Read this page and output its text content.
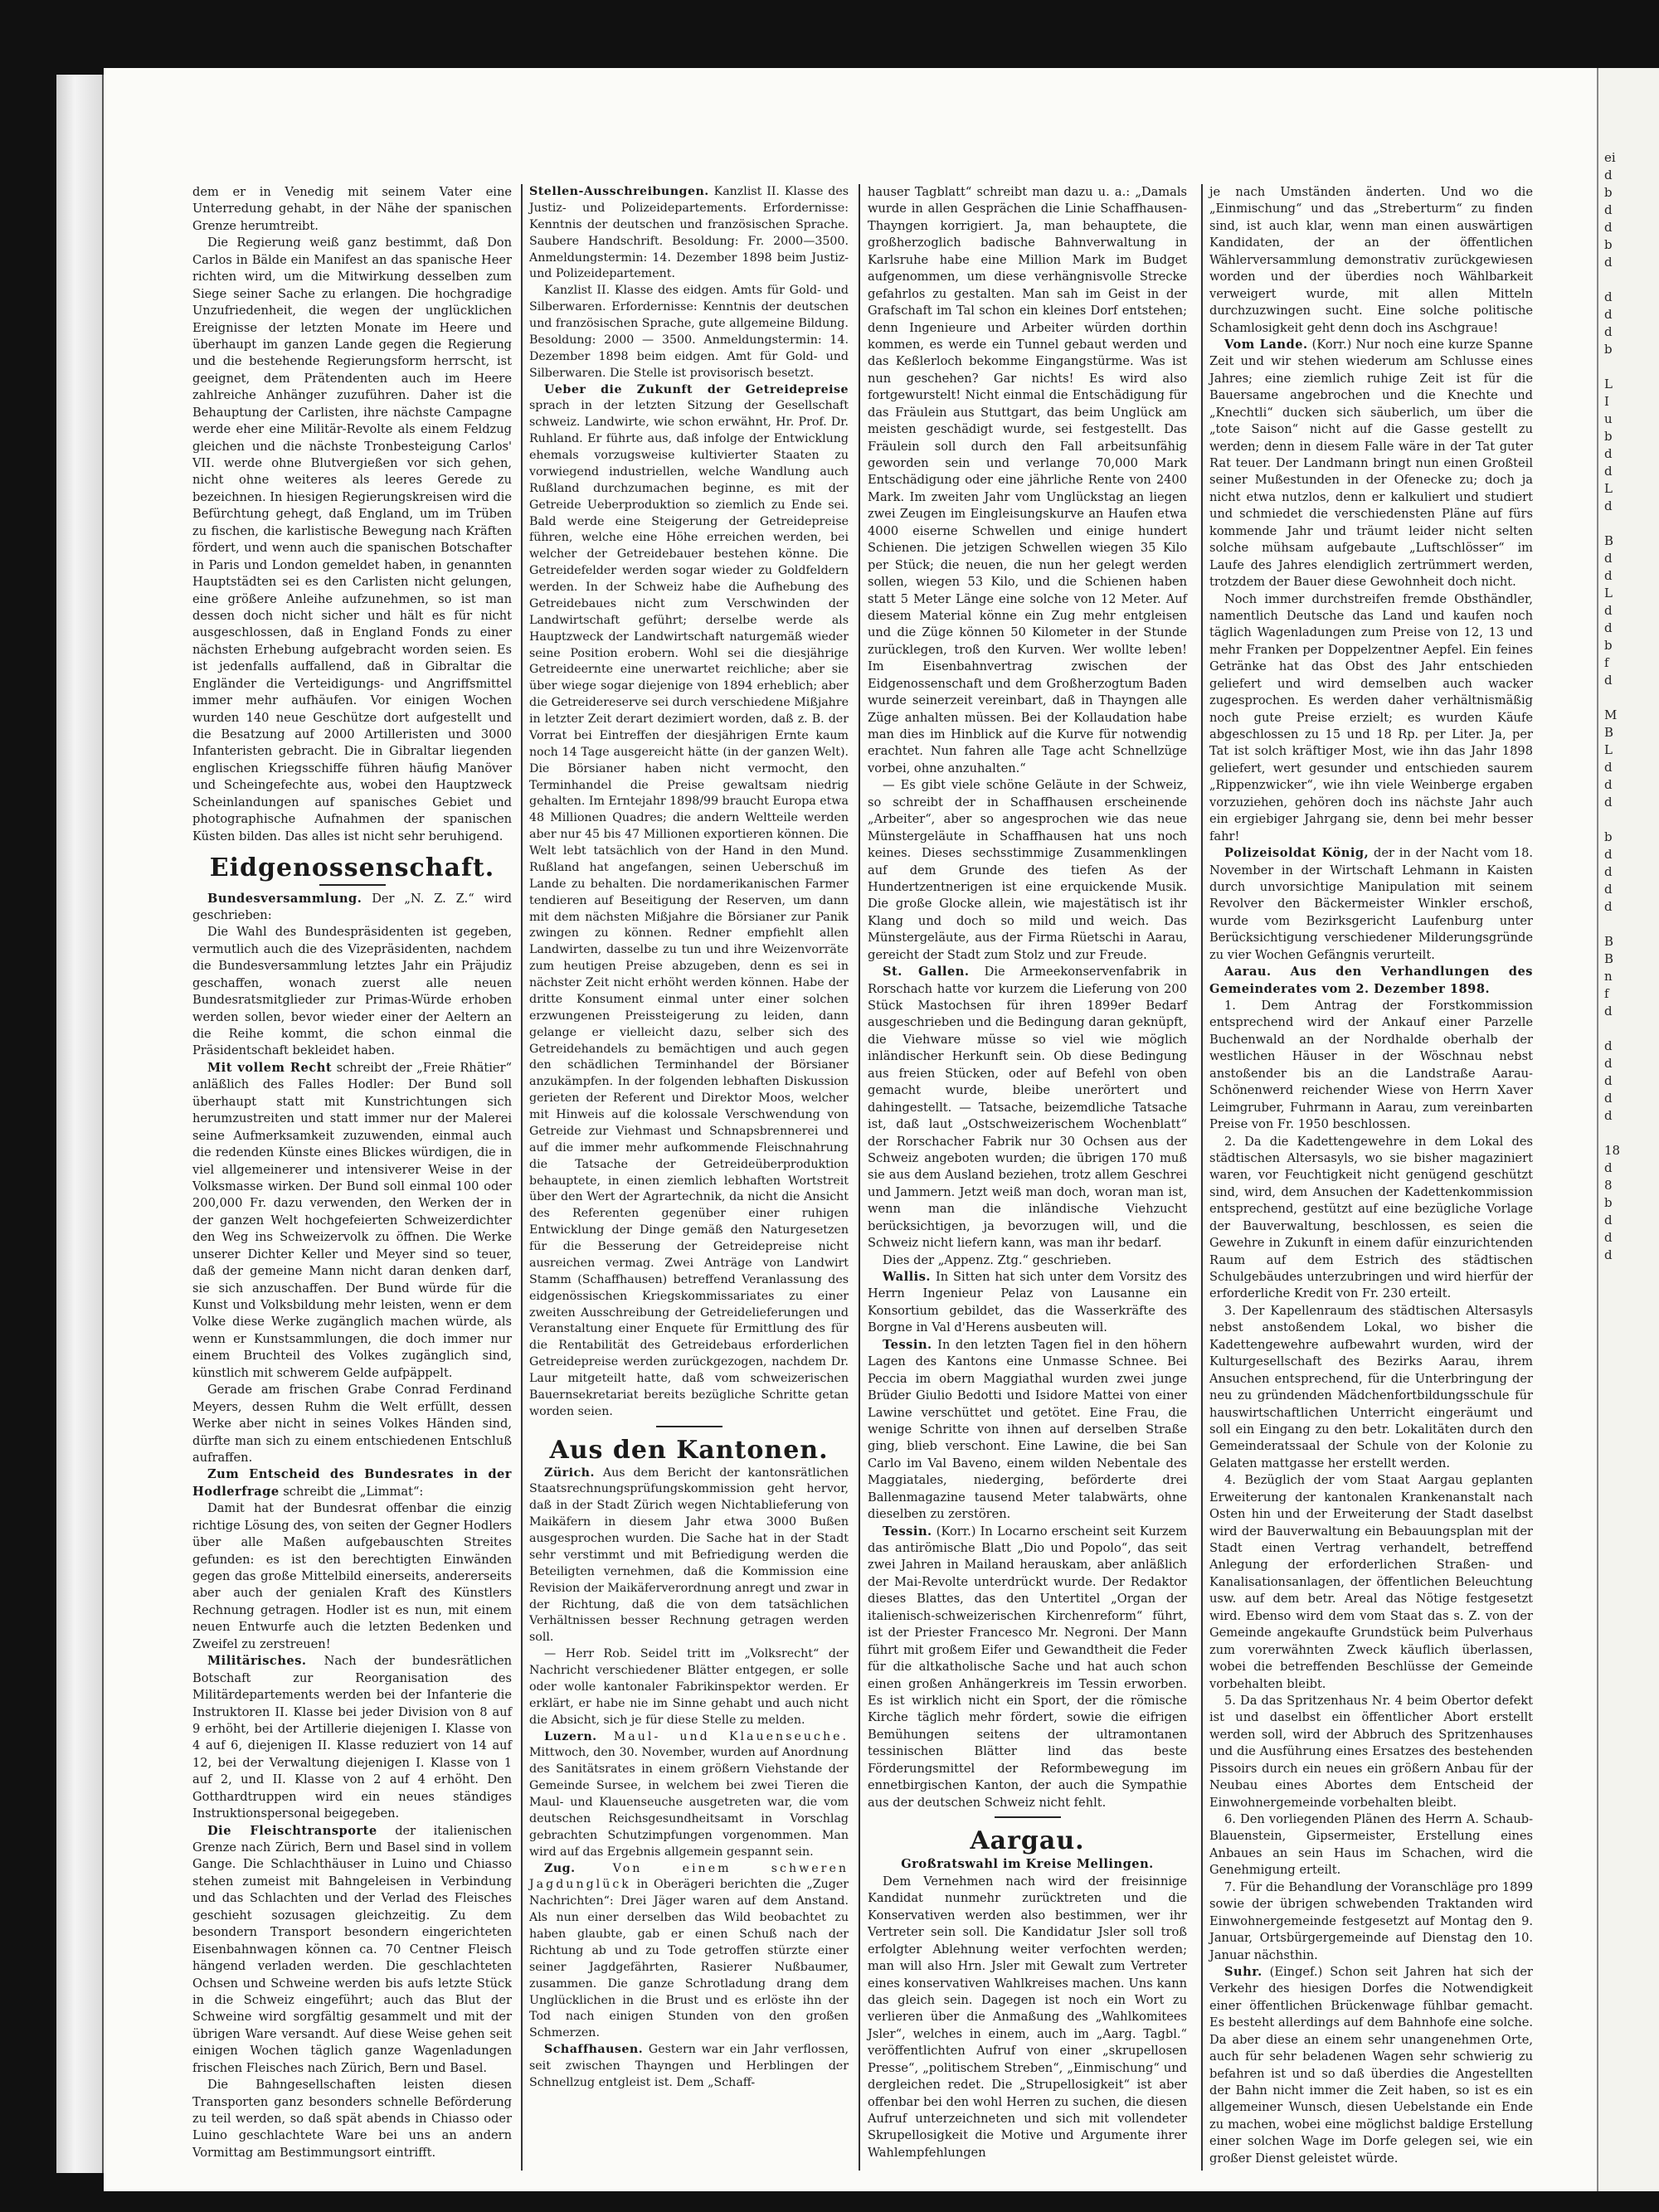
ei
d
b
d
d
b
d

d
d
d
b

L
I
u
b
d
d
L
d

B
d
d
L
d
d
b
f
d

M
B
L
d
d
d

b
d
d
d
d

B
B
n
f
d

d
d
d
d
d

18
d
8
b
d
d
d

dem er in Venedig mit seinem Vater eine Unterredung gehabt, in der Nähe der spanischen Grenze herumtreibt.

Die Regierung weiß ganz bestimmt, daß Don Carlos in Bälde ein Manifest an das spanische Heer richten wird, um die Mitwirkung desselben zum Siege seiner Sache zu erlangen. Die hochgradige Unzufriedenheit, die wegen der unglücklichen Ereignisse der letzten Monate im Heere und überhaupt im ganzen Lande gegen die Regierung und die bestehende Regierungsform herrscht, ist geeignet, dem Prätendenten auch im Heere zahlreiche Anhänger zuzuführen. Daher ist die Behauptung der Carlisten, ihre nächste Campagne werde eher eine Militär-Revolte als einem Feldzug gleichen und die nächste Tronbesteigung Carlos' VII. werde ohne Blutvergießen vor sich gehen, nicht ohne weiteres als leeres Gerede zu bezeichnen. In hiesigen Regierungskreisen wird die Befürchtung gehegt, daß England, um im Trüben zu fischen, die karlistische Bewegung nach Kräften fördert, und wenn auch die spanischen Botschafter in Paris und London gemeldet haben, in genannten Hauptstädten sei es den Carlisten nicht gelungen, eine größere Anleihe aufzunehmen, so ist man dessen doch nicht sicher und hält es für nicht ausgeschlossen, daß in England Fonds zu einer nächsten Erhebung aufgebracht worden seien. Es ist jedenfalls auffallend, daß in Gibraltar die Engländer die Verteidigungs- und Angriffsmittel immer mehr aufhäufen. Vor einigen Wochen wurden 140 neue Geschütze dort aufgestellt und die Besatzung auf 2000 Artilleristen und 3000 Infanteristen gebracht. Die in Gibraltar liegenden englischen Kriegsschiffe führen häufig Manöver und Scheingefechte aus, wobei den Hauptzweck Scheinlandungen auf spanisches Gebiet und photographische Aufnahmen der spanischen Küsten bilden. Das alles ist nicht sehr beruhigend.

Eidgenossenschaft.

Bundesversammlung. Der „N. Z. Z.“ wird geschrieben:

Die Wahl des Bundespräsidenten ist gegeben, vermutlich auch die des Vizepräsidenten, nachdem die Bundesversammlung letztes Jahr ein Präjudiz geschaffen, wonach zuerst alle neuen Bundesratsmitglieder zur Primas-Würde erhoben werden sollen, bevor wieder einer der Aeltern an die Reihe kommt, die schon einmal die Präsidentschaft bekleidet haben.

Mit vollem Recht schreibt der „Freie Rhätier“ anläßlich des Falles Hodler: Der Bund soll überhaupt statt mit Kunstrichtungen sich herumzustreiten und statt immer nur der Malerei seine Aufmerksamkeit zuzuwenden, einmal auch die redenden Künste eines Blickes würdigen, die in viel allgemeinerer und intensiverer Weise in der Volksmasse wirken. Der Bund soll einmal 100 oder 200,000 Fr. dazu verwenden, den Werken der in der ganzen Welt hochgefeierten Schweizerdichter den Weg ins Schweizervolk zu öffnen. Die Werke unserer Dichter Keller und Meyer sind so teuer, daß der gemeine Mann nicht daran denken darf, sie sich anzuschaffen. Der Bund würde für die Kunst und Volksbildung mehr leisten, wenn er dem Volke diese Werke zugänglich machen würde, als wenn er Kunstsammlungen, die doch immer nur einem Bruchteil des Volkes zugänglich sind, künstlich mit schwerem Gelde aufpäppelt.

Gerade am frischen Grabe Conrad Ferdinand Meyers, dessen Ruhm die Welt erfüllt, dessen Werke aber nicht in seines Volkes Händen sind, dürfte man sich zu einem entschiedenen Entschluß aufraffen.

Zum Entscheid des Bundesrates in der Hodlerfrage schreibt die „Limmat“:

Damit hat der Bundesrat offenbar die einzig richtige Lösung des, von seiten der Gegner Hodlers über alle Maßen aufgebauschten Streites gefunden: es ist den berechtigten Einwänden gegen das große Mittelbild einerseits, andererseits aber auch der genialen Kraft des Künstlers Rechnung getragen. Hodler ist es nun, mit einem neuen Entwurfe auch die letzten Bedenken und Zweifel zu zerstreuen!

Militärisches. Nach der bundesrätlichen Botschaft zur Reorganisation des Militärdepartements werden bei der Infanterie die Instruktoren II. Klasse bei jeder Division von 8 auf 9 erhöht, bei der Artillerie diejenigen I. Klasse von 4 auf 6, diejenigen II. Klasse reduziert von 14 auf 12, bei der Verwaltung diejenigen I. Klasse von 1 auf 2, und II. Klasse von 2 auf 4 erhöht. Den Gotthardtruppen wird ein neues ständiges Instruktionspersonal beigegeben.

Die Fleischtransporte der italienischen Grenze nach Zürich, Bern und Basel sind in vollem Gange. Die Schlachthäuser in Luino und Chiasso stehen zumeist mit Bahngeleisen in Verbindung und das Schlachten und der Verlad des Fleisches geschieht sozusagen gleichzeitig. Zu dem besondern Transport besondern eingerichteten Eisenbahnwagen können ca. 70 Centner Fleisch hängend verladen werden. Die geschlachteten Ochsen und Schweine werden bis aufs letzte Stück in die Schweiz eingeführt; auch das Blut der Schweine wird sorgfältig gesammelt und mit der übrigen Ware versandt. Auf diese Weise gehen seit einigen Wochen täglich ganze Wagenladungen frischen Fleisches nach Zürich, Bern und Basel.

Die Bahngesellschaften leisten diesen Transporten ganz besonders schnelle Beförderung zu teil werden, so daß spät abends in Chiasso oder Luino geschlachtete Ware bei uns an andern Vormittag am Bestimmungsort eintrifft.

Stellen-Ausschreibungen. Kanzlist II. Klasse des Justiz- und Polizeidepartements. Erfordernisse: Kenntnis der deutschen und französischen Sprache. Saubere Handschrift. Besoldung: Fr. 2000—3500. Anmeldungstermin: 14. Dezember 1898 beim Justiz- und Polizeidepartement.

Kanzlist II. Klasse des eidgen. Amts für Gold- und Silberwaren. Erfordernisse: Kenntnis der deutschen und französischen Sprache, gute allgemeine Bildung. Besoldung: 2000 — 3500. Anmeldungstermin: 14. Dezember 1898 beim eidgen. Amt für Gold- und Silberwaren. Die Stelle ist provisorisch besetzt.

Ueber die Zukunft der Getreidepreise sprach in der letzten Sitzung der Gesellschaft schweiz. Landwirte, wie schon erwähnt, Hr. Prof. Dr. Ruhland. Er führte aus, daß infolge der Entwicklung ehemals vorzugsweise kultivierter Staaten zu vorwiegend industriellen, welche Wandlung auch Rußland durchzumachen beginne, es mit der Getreide Ueberproduktion so ziemlich zu Ende sei. Bald werde eine Steigerung der Getreidepreise führen, welche eine Höhe erreichen werden, bei welcher der Getreidebauer bestehen könne. Die Getreidefelder werden sogar wieder zu Goldfeldern werden. In der Schweiz habe die Aufhebung des Getreidebaues nicht zum Verschwinden der Landwirtschaft geführt; derselbe werde als Hauptzweck der Landwirtschaft naturgemäß wieder seine Position erobern. Wohl sei die diesjährige Getreideernte eine unerwartet reichliche; aber sie über wiege sogar diejenige von 1894 erheblich; aber die Getreidereserve sei durch verschiedene Mißjahre in letzter Zeit derart dezimiert worden, daß z. B. der Vorrat bei Eintreffen der diesjährigen Ernte kaum noch 14 Tage ausgereicht hätte (in der ganzen Welt). Die Börsianer haben nicht vermocht, den Terminhandel die Preise gewaltsam niedrig gehalten. Im Erntejahr 1898/99 braucht Europa etwa 48 Millionen Quadres; die andern Weltteile werden aber nur 45 bis 47 Millionen exportieren können. Die Welt lebt tatsächlich von der Hand in den Mund. Rußland hat angefangen, seinen Ueberschuß im Lande zu behalten. Die nordamerikanischen Farmer tendieren auf Beseitigung der Reserven, um dann mit dem nächsten Mißjahre die Börsianer zur Panik zwingen zu können. Redner empfiehlt allen Landwirten, dasselbe zu tun und ihre Weizenvorräte zum heutigen Preise abzugeben, denn es sei in nächster Zeit nicht erhöht werden können. Habe der dritte Konsument einmal unter einer solchen erzwungenen Preissteigerung zu leiden, dann gelange er vielleicht dazu, selber sich des Getreidehandels zu bemächtigen und auch gegen den schädlichen Terminhandel der Börsianer anzukämpfen. In der folgenden lebhaften Diskussion gerieten der Referent und Direktor Moos, welcher mit Hinweis auf die kolossale Verschwendung von Getreide zur Viehmast und Schnapsbrennerei und auf die immer mehr aufkommende Fleischnahrung die Tatsache der Getreideüberproduktion behauptete, in einen ziemlich lebhaften Wortstreit über den Wert der Agrartechnik, da nicht die Ansicht des Referenten gegenüber einer ruhigen Entwicklung der Dinge gemäß den Naturgesetzen für die Besserung der Getreidepreise nicht ausreichen vermag. Zwei Anträge von Landwirt Stamm (Schaffhausen) betreffend Veranlassung des eidgenössischen Kriegskommissariates zu einer zweiten Ausschreibung der Getreidelieferungen und Veranstaltung einer Enquete für Ermittlung des für die Rentabilität des Getreidebaus erforderlichen Getreidepreise werden zurückgezogen, nachdem Dr. Laur mitgeteilt hatte, daß vom schweizerischen Bauernsekretariat bereits bezügliche Schritte getan worden seien.

Aus den Kantonen.

Zürich. Aus dem Bericht der kantonsrätlichen Staatsrechnungsprüfungskommission geht hervor, daß in der Stadt Zürich wegen Nichtablieferung von Maikäfern in diesem Jahr etwa 3000 Bußen ausgesprochen wurden. Die Sache hat in der Stadt sehr verstimmt und mit Befriedigung werden die Beteiligten vernehmen, daß die Kommission eine Revision der Maikäferverordnung anregt und zwar in der Richtung, daß die von dem tatsächlichen Verhältnissen besser Rechnung getragen werden soll.

— Herr Rob. Seidel tritt im „Volksrecht“ der Nachricht verschiedener Blätter entgegen, er solle oder wolle kantonaler Fabrikinspektor werden. Er erklärt, er habe nie im Sinne gehabt und auch nicht die Absicht, sich je für diese Stelle zu melden.

Luzern. Maul- und Klauenseuche. Mittwoch, den 30. November, wurden auf Anordnung des Sanitätsrates in einem größern Viehstande der Gemeinde Sursee, in welchem bei zwei Tieren die Maul- und Klauenseuche ausgetreten war, die vom deutschen Reichsgesundheitsamt in Vorschlag gebrachten Schutzimpfungen vorgenommen. Man wird auf das Ergebnis allgemein gespannt sein.

Zug.	Von einem schweren Jagdunglück in Oberägeri berichten die „Zuger Nachrichten“: Drei Jäger waren auf dem Anstand. Als nun einer derselben das Wild beobachtet zu haben glaubte, gab er einen Schuß nach der Richtung ab und zu Tode getroffen stürzte einer seiner Jagdgefährten, Rasierer Nußbaumer, zusammen. Die ganze Schrotladung drang dem Unglücklichen in die Brust und es erlöste ihn der Tod nach einigen Stunden von den großen Schmerzen.

Schaffhausen. Gestern war ein Jahr verflossen, seit zwischen Thayngen und Herblingen der Schnellzug entgleist ist. Dem „Schaff-

hauser Tagblatt“ schreibt man dazu u. a.: „Damals wurde in allen Gesprächen die Linie Schaffhausen-Thayngen korrigiert. Ja, man behauptete, die großherzoglich badische Bahnverwaltung in Karlsruhe habe eine Million Mark im Budget aufgenommen, um diese verhängnisvolle Strecke gefahrlos zu gestalten. Man sah im Geist in der Grafschaft im Tal schon ein kleines Dorf entstehen; denn Ingenieure und Arbeiter würden dorthin kommen, es werde ein Tunnel gebaut werden und das Keßlerloch bekomme Eingangstürme. Was ist nun geschehen? Gar nichts! Es wird also fortgewurstelt! Nicht einmal die Entschädigung für das Fräulein aus Stuttgart, das beim Unglück am meisten geschädigt wurde, sei festgestellt. Das Fräulein soll durch den Fall arbeitsunfähig geworden sein und verlange 70,000 Mark Entschädigung oder eine jährliche Rente von 2400 Mark. Im zweiten Jahr vom Unglückstag an liegen zwei Zeugen im Eingleisungskurve an Haufen etwa 4000 eiserne Schwellen und einige hundert Schienen. Die jetzigen Schwellen wiegen 35 Kilo per Stück; die neuen, die nun her gelegt werden sollen, wiegen 53 Kilo, und die Schienen haben statt 5 Meter Länge eine solche von 12 Meter. Auf diesem Material könne ein Zug mehr entgleisen und die Züge können 50 Kilometer in der Stunde zurücklegen, troß den Kurven. Wer wollte leben! Im Eisenbahnvertrag zwischen der Eidgenossenschaft und dem Großherzogtum Baden wurde seinerzeit vereinbart, daß in Thayngen alle Züge anhalten müssen. Bei der Kollaudation habe man dies im Hinblick auf die Kurve für notwendig erachtet. Nun fahren alle Tage acht Schnellzüge vorbei, ohne anzuhalten.“

— Es gibt viele schöne Geläute in der Schweiz, so schreibt der in Schaffhausen erscheinende „Arbeiter“, aber so angesprochen wie das neue Münstergeläute in Schaffhausen hat uns noch keines. Dieses sechsstimmige Zusammenklingen auf dem Grunde des tiefen As der Hundertzentnerigen ist eine erquickende Musik. Die große Glocke allein, wie majestätisch ist ihr Klang und doch so mild und weich. Das Münstergeläute, aus der Firma Rüetschi in Aarau, gereicht der Stadt zum Stolz und zur Freude.

St. Gallen. Die Armeekonservenfabrik in Rorschach hatte vor kurzem die Lieferung von 200 Stück Mastochsen für ihren 1899er Bedarf ausgeschrieben und die Bedingung daran geknüpft, die Viehware müsse so viel wie möglich inländischer Herkunft sein. Ob diese Bedingung aus freien Stücken, oder auf Befehl von oben gemacht wurde, bleibe unerörtert und dahingestellt. — Tatsache, beizemdliche Tatsache ist, daß laut „Ostschweizerischem Wochenblatt“ der Rorschacher Fabrik nur 30 Ochsen aus der Schweiz angeboten wurden; die übrigen 170 muß sie aus dem Ausland beziehen, trotz allem Geschrei und Jammern. Jetzt weiß man doch, woran man ist, wenn man die inländische Viehzucht berücksichtigen, ja bevorzugen will, und die Schweiz nicht liefern kann, was man ihr bedarf.

Dies der „Appenz. Ztg.“ geschrieben.

Wallis. In Sitten hat sich unter dem Vorsitz des Herrn Ingenieur Pelaz von Lausanne ein Konsortium gebildet, das die Wasserkräfte des Borgne in Val d'Herens ausbeuten will.

Tessin. In den letzten Tagen fiel in den höhern Lagen des Kantons eine Unmasse Schnee. Bei Peccia im obern Maggiathal wurden zwei junge Brüder Giulio Bedotti und Isidore Mattei von einer Lawine verschüttet und getötet. Eine Frau, die wenige Schritte von ihnen auf derselben Straße ging, blieb verschont. Eine Lawine, die bei San Carlo im Val Baveno, einem wilden Nebentale des Maggiatales, niederging, beförderte drei Ballenmagazine tausend Meter talabwärts, ohne dieselben zu zerstören.

Tessin. (Korr.) In Locarno erscheint seit Kurzem das antirömische Blatt „Dio und Popolo“, das seit zwei Jahren in Mailand herauskam, aber anläßlich der Mai-Revolte unterdrückt wurde. Der Redaktor dieses Blattes, das den Untertitel „Organ der italienisch-schweizerischen Kirchenreform“ führt, ist der Priester Francesco Mr. Negroni. Der Mann führt mit großem Eifer und Gewandtheit die Feder für die altkatholische Sache und hat auch schon einen großen Anhängerkreis im Tessin erworben. Es ist wirklich nicht ein Sport, der die römische Kirche täglich mehr fördert, sowie die eifrigen Bemühungen seitens der ultramontanen tessinischen Blätter lind das beste Förderungsmittel der Reformbewegung im ennetbirgischen Kanton, der auch die Sympathie aus der deutschen Schweiz nicht fehlt.

Aargau.

Großratswahl im Kreise Mellingen.

Dem Vernehmen nach wird der freisinnige Kandidat nunmehr zurücktreten und die Konservativen werden also bestimmen, wer ihr Vertreter sein soll. Die Kandidatur Jsler soll troß erfolgter Ablehnung weiter verfochten werden; man will also Hrn. Jsler mit Gewalt zum Vertreter eines konservativen Wahlkreises machen. Uns kann das gleich sein. Dagegen ist noch ein Wort zu verlieren über die Anmaßung des „Wahlkomitees Jsler“, welches in einem, auch im „Aarg. Tagbl.“ veröffentlichten Aufruf von einer „skrupellosen Presse“, „politischem Streben“, „Einmischung“ und dergleichen redet. Die „Strupellosigkeit“ ist aber offenbar bei den wohl Herren zu suchen, die diesen Aufruf unterzeichneten und sich mit vollendeter Skrupellosigkeit die Motive und Argumente ihrer Wahlempfehlungen

je nach Umständen änderten. Und wo die „Einmischung“ und das „Streberturm“ zu finden sind, ist auch klar, wenn man einen auswärtigen Kandidaten, der an der öffentlichen Wählerversammlung demonstrativ zurückgewiesen worden und der überdies noch Wählbarkeit verweigert wurde, mit allen Mitteln durchzuzwingen sucht. Eine solche politische Schamlosigkeit geht denn doch ins Aschgraue!

Vom Lande. (Korr.) Nur noch eine kurze Spanne Zeit und wir stehen wiederum am Schlusse eines Jahres; eine ziemlich ruhige Zeit ist für die Bauersame angebrochen und die Knechte und „Knechtli“ ducken sich säuberlich, um über die „tote Saison“ nicht auf die Gasse gestellt zu werden; denn in diesem Falle wäre in der Tat guter Rat teuer. Der Landmann bringt nun einen Großteil seiner Mußestunden in der Ofenecke zu; doch ja nicht etwa nutzlos, denn er kalkuliert und studiert und schmiedet die verschiedensten Pläne auf fürs kommende Jahr und träumt leider nicht selten solche mühsam aufgebaute „Luftschlösser“ im Laufe des Jahres elendiglich zertrümmert werden, trotzdem der Bauer diese Gewohnheit doch nicht.

Noch immer durchstreifen fremde Obsthändler, namentlich Deutsche das Land und kaufen noch täglich Wagenladungen zum Preise von 12, 13 und mehr Franken per Doppelzentner Aepfel. Ein feines Getränke hat das Obst des Jahr entschieden geliefert und wird demselben auch wacker zugesprochen. Es werden daher verhältnismäßig noch gute Preise erzielt; es wurden Käufe abgeschlossen zu 15 und 18 Rp. per Liter. Ja, per Tat ist solch kräftiger Most, wie ihn das Jahr 1898 geliefert, wert gesunder und entschieden saurem „Rippenzwicker“, wie ihn viele Weinberge ergaben vorzuziehen, gehören doch ins nächste Jahr auch ein ergiebiger Jahrgang sie, denn bei mehr besser fahr!

Polizeisoldat König, der in der Nacht vom 18. November in der Wirtschaft Lehmann in Kaisten durch unvorsichtige Manipulation mit seinem Revolver den Bäckermeister Winkler erschoß, wurde vom Bezirksgericht Laufenburg unter Berücksichtigung verschiedener Milderungsgründe zu vier Wochen Gefängnis verurteilt.

Aarau. Aus den Verhandlungen des Gemeinderates vom 2. Dezember 1898.

1. Dem Antrag der Forstkommission entsprechend wird der Ankauf einer Parzelle Buchenwald an der Nordhalde oberhalb der westlichen Häuser in der Wöschnau nebst anstoßender bis an die Landstraße Aarau-Schönenwerd reichender Wiese von Herrn Xaver Leimgruber, Fuhrmann in Aarau, zum vereinbarten Preise von Fr. 1950 beschlossen.

2. Da die Kadettengewehre in dem Lokal des städtischen Altersasyls, wo sie bisher magaziniert waren, vor Feuchtigkeit nicht genügend geschützt sind, wird, dem Ansuchen der Kadettenkommission entsprechend, gestützt auf eine bezügliche Vorlage der Bauverwaltung, beschlossen, es seien die Gewehre in Zukunft in einem dafür einzurichtenden Raum auf dem Estrich des städtischen Schulgebäudes unterzubringen und wird hierfür der erforderliche Kredit von Fr. 230 erteilt.

3. Der Kapellenraum des städtischen Altersasyls nebst anstoßendem Lokal, wo bisher die Kadettengewehre aufbewahrt wurden, wird der Kulturgesellschaft des Bezirks Aarau, ihrem Ansuchen entsprechend, für die Unterbringung der neu zu gründenden Mädchenfortbildungsschule für hauswirtschaftlichen Unterricht eingeräumt und soll ein Eingang zu den betr. Lokalitäten durch den Gemeinderatssaal der Schule von der Kolonie zu Gelaten mattgasse her erstellt werden.

4. Bezüglich der vom Staat Aargau geplanten Erweiterung der kantonalen Krankenanstalt nach Osten hin und der Erweiterung der Stadt daselbst wird der Bauverwaltung ein Bebauungsplan mit der Stadt einen Vertrag verhandelt, betreffend Anlegung der erforderlichen Straßen- und Kanalisationsanlagen, der öffentlichen Beleuchtung usw. auf dem betr. Areal das Nötige festgesetzt wird. Ebenso wird dem vom Staat das s. Z. von der Gemeinde angekaufte Grundstück beim Pulverhaus zum vorerwähnten Zweck käuflich überlassen, wobei die betreffenden Beschlüsse der Gemeinde vorbehalten bleibt.

5. Da das Spritzenhaus Nr. 4 beim Obertor defekt ist und daselbst ein öffentlicher Abort erstellt werden soll, wird der Abbruch des Spritzenhauses und die Ausführung eines Ersatzes des bestehenden Pissoirs durch ein neues ein größern Anbau für der Neubau eines Abortes dem Entscheid der Einwohnergemeinde vorbehalten bleibt.

6. Den vorliegenden Plänen des Herrn A. Schaub-Blauenstein, Gipsermeister, Erstellung eines Anbaues an sein Haus im Schachen, wird die Genehmigung erteilt.

7. Für die Behandlung der Voranschläge pro 1899 sowie der übrigen schwebenden Traktanden wird Einwohnergemeinde festgesetzt auf Montag den 9. Januar, Ortsbürgergemeinde auf Dienstag den 10. Januar nächsthin.

Suhr. (Eingef.) Schon seit Jahren hat sich der Verkehr des hiesigen Dorfes die Notwendigkeit einer öffentlichen Brückenwage fühlbar gemacht. Es besteht allerdings auf dem Bahnhofe eine solche. Da aber diese an einem sehr unangenehmen Orte, auch für sehr beladenen Wagen sehr schwierig zu befahren ist und so daß überdies die Angestellten der Bahn nicht immer die Zeit haben, so ist es ein allgemeiner Wunsch, diesen Uebelstande ein Ende zu machen, wobei eine möglichst baldige Erstellung einer solchen Wage im Dorfe gelegen sei, wie ein großer Dienst geleistet würde.
